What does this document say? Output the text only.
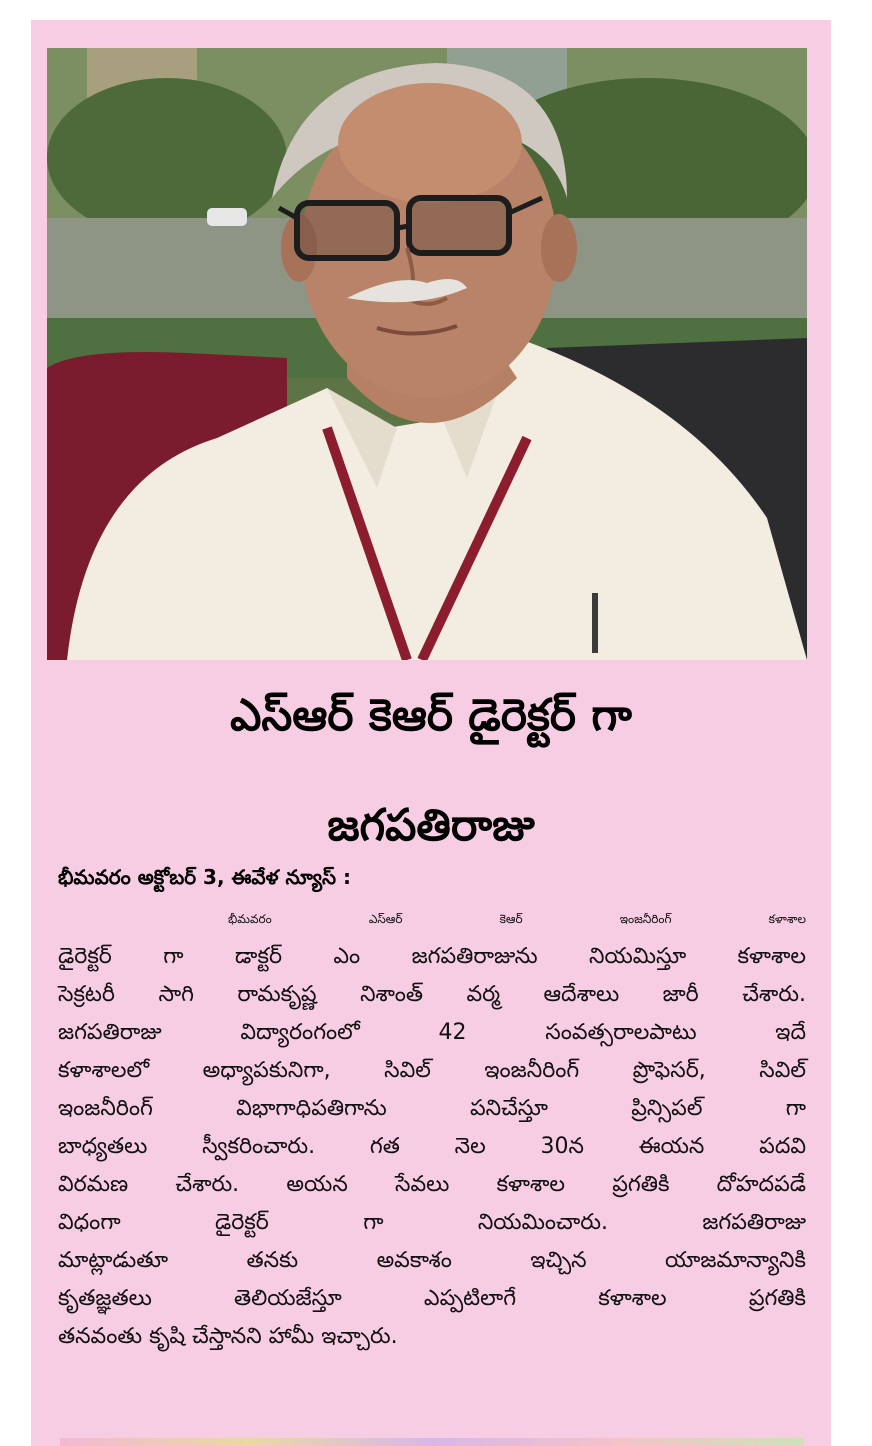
ఎస్ఆర్ కెఆర్ డైరెక్టర్ గా
జగపతిరాజు
భీమవరం అక్టోబర్ 3, ఈవేళ న్యూస్ :
భీమవరం ఎస్ఆర్ కెఆర్ ఇంజనీరింగ్ కళాశాల
డైరెక్టర్ గా డాక్టర్ ఎం జగపతిరాజును నియమిస్తూ కళాశాల
సెక్రటరీ సాగి రామకృష్ణ నిశాంత్ వర్మ ఆదేశాలు జారీ చేశారు.
జగపతిరాజు విద్యారంగంలో 42 సంవత్సరాలపాటు ఇదే
కళాశాలలో అధ్యాపకునిగా, సివిల్ ఇంజనీరింగ్ ప్రొఫెసర్, సివిల్
ఇంజనీరింగ్ విభాగాధిపతిగాను పనిచేస్తూ ప్రిన్సిపల్ గా
బాధ్యతలు స్వీకరించారు. గత నెల 30న ఈయన పదవి
విరమణ చేశారు. అయన సేవలు కళాశాల ప్రగతికి దోహదపడే
విధంగా డైరెక్టర్ గా నియమించారు. జగపతిరాజు
మాట్లాడుతూ తనకు అవకాశం ఇచ్చిన యాజమాన్యానికి
కృతజ్ఞతలు తెలియజేస్తూ ఎప్పటిలాగే కళాశాల ప్రగతికి
తనవంతు కృషి చేస్తానని హామీ ఇచ్చారు.
